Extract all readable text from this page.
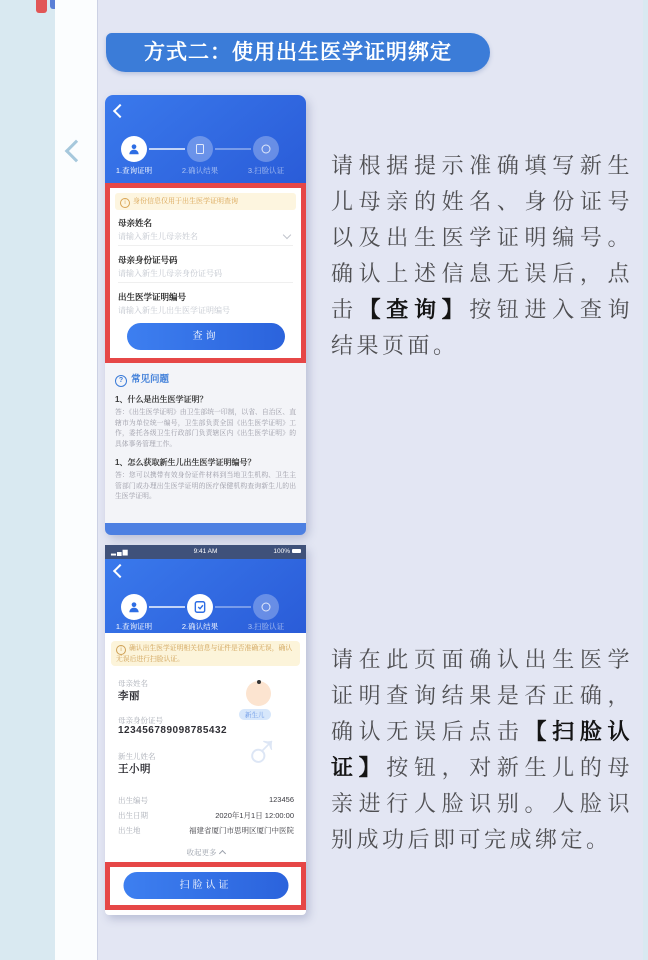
方式二：使用出生医学证明绑定
1.查询证明	2.确认结果	3.扫脸认证
i 身份信息仅用于出生医学证明查询
母亲姓名
请输入新生儿母亲姓名
母亲身份证号码
请输入新生儿母亲身份证号码
出生医学证明编号
请输入新生儿出生医学证明编号
查询
? 常见问题
1、什么是出生医学证明？
答：《出生医学证明》由卫生部统一印制，以省、自治区、直辖市为单位统一编号，卫生部负责全国《出生医学证明》工作，委托各级卫生行政部门负责辖区内《出生医学证明》的具体事务管理工作。
1、怎么获取新生儿出生医学证明编号？
答：您可以携带有效身份证件材料到当地卫生机构、卫生主管部门或办理出生医学证明的医疗保健机构查询新生儿的出生医学证明。
请根据提示准确填写新生儿母亲的姓名、身份证号以及出生医学证明编号。确认上述信息无误后，点击【查询】按钮进入查询结果页面。
▂▄▆	9:41 AM	100%
1.查询证明	2.确认结果	3.扫脸认证
i 确认出生医学证明相关信息与证件是否准确无误，确认无误后进行扫脸认证。
母亲姓名
李丽
新生儿
母亲身份证号
123456789098785432
新生儿姓名
王小明 ♂
出生编号	123456
出生日期	2020年1月1日 12:00:00
出生地	福建省厦门市思明区厦门中医院
收起更多
扫脸认证
请在此页面确认出生医学证明查询结果是否正确，确认无误后点击【扫脸认证】按钮，对新生儿的母亲进行人脸识别。人脸识别成功后即可完成绑定。
